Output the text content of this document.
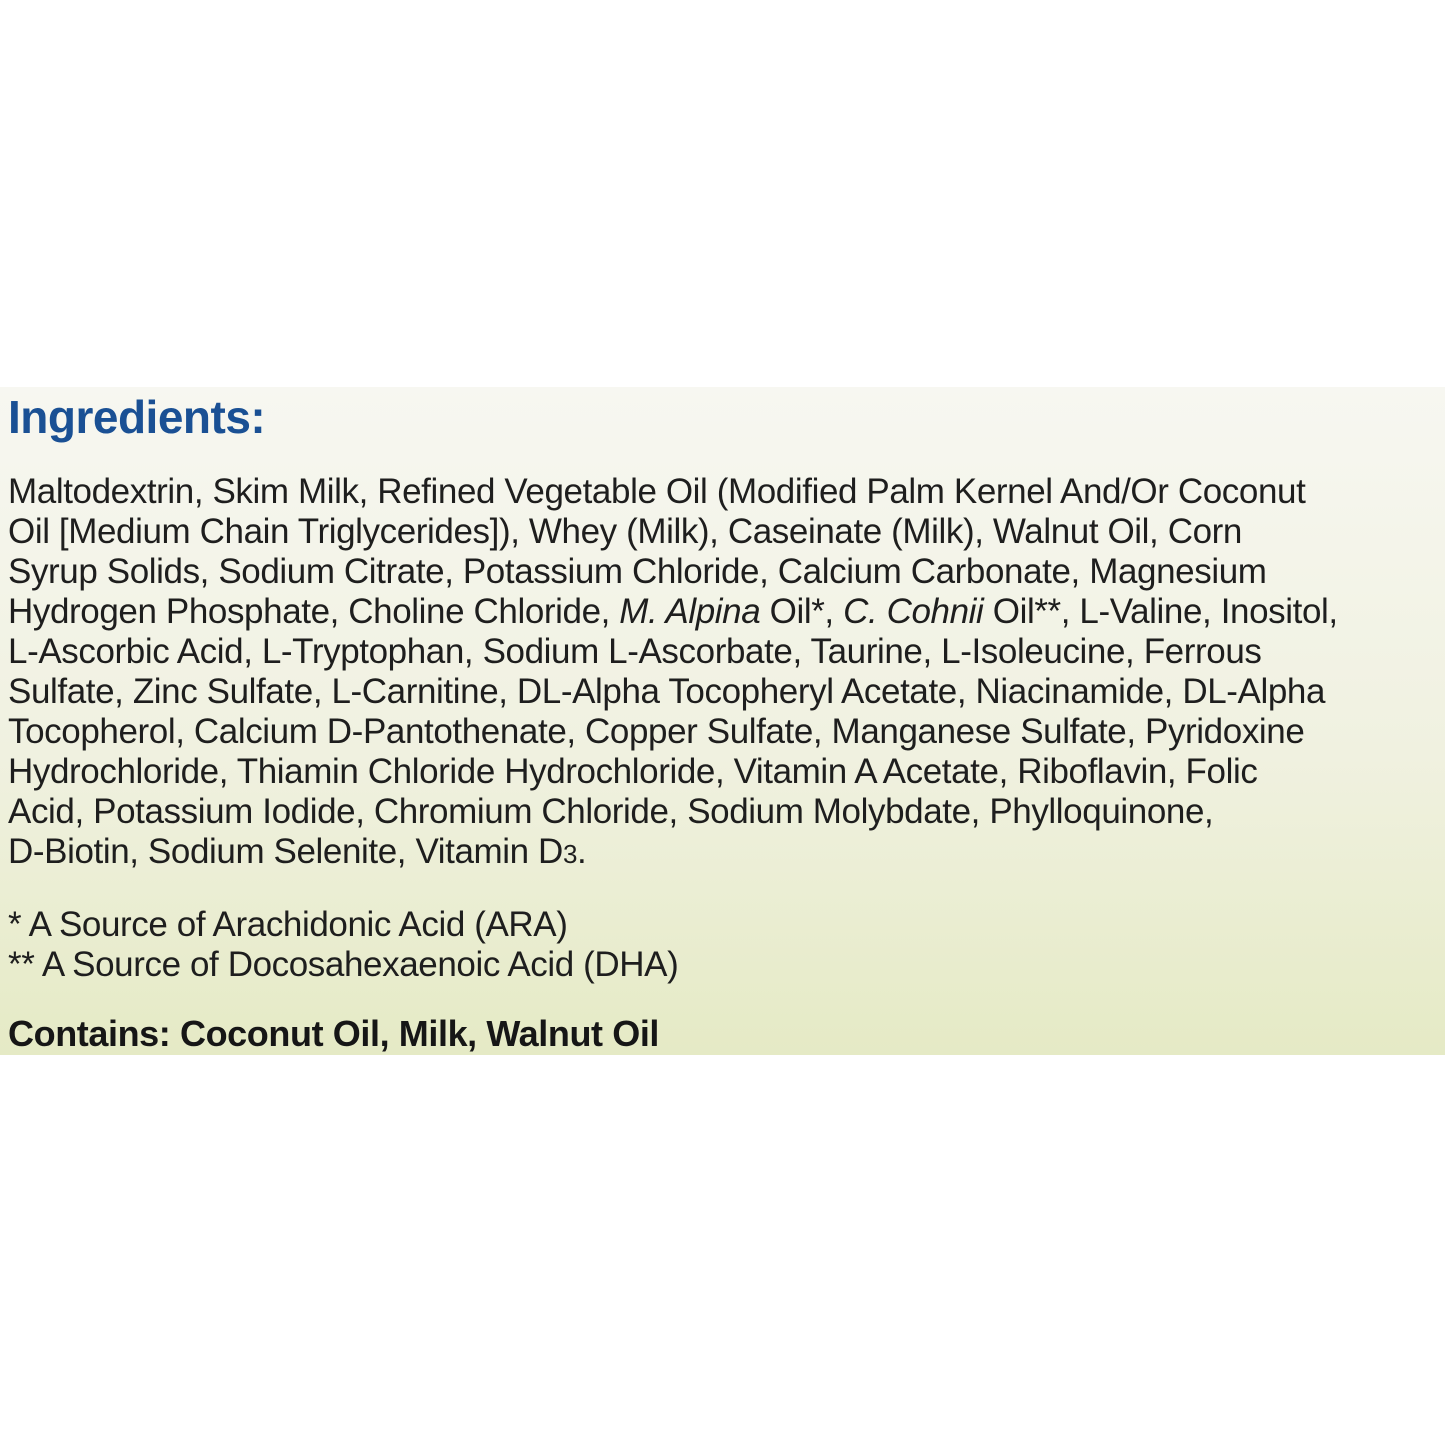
Ingredients:
Maltodextrin, Skim Milk, Refined Vegetable Oil (Modified Palm Kernel And/Or Coconut
Oil [Medium Chain Triglycerides]), Whey (Milk), Caseinate (Milk), Walnut Oil, Corn
Syrup Solids, Sodium Citrate, Potassium Chloride, Calcium Carbonate, Magnesium
Hydrogen Phosphate, Choline Chloride, M. Alpina Oil*, C. Cohnii Oil**, L-Valine, Inositol,
L-Ascorbic Acid, L-Tryptophan, Sodium L-Ascorbate, Taurine, L-Isoleucine, Ferrous
Sulfate, Zinc Sulfate, L-Carnitine, DL-Alpha Tocopheryl Acetate, Niacinamide, DL-Alpha
Tocopherol, Calcium D-Pantothenate, Copper Sulfate, Manganese Sulfate, Pyridoxine
Hydrochloride, Thiamin Chloride Hydrochloride, Vitamin A Acetate, Riboflavin, Folic
Acid, Potassium Iodide, Chromium Chloride, Sodium Molybdate, Phylloquinone,
D-Biotin, Sodium Selenite, Vitamin D3.
* A Source of Arachidonic Acid (ARA)
** A Source of Docosahexaenoic Acid (DHA)
Contains: Coconut Oil, Milk, Walnut Oil
